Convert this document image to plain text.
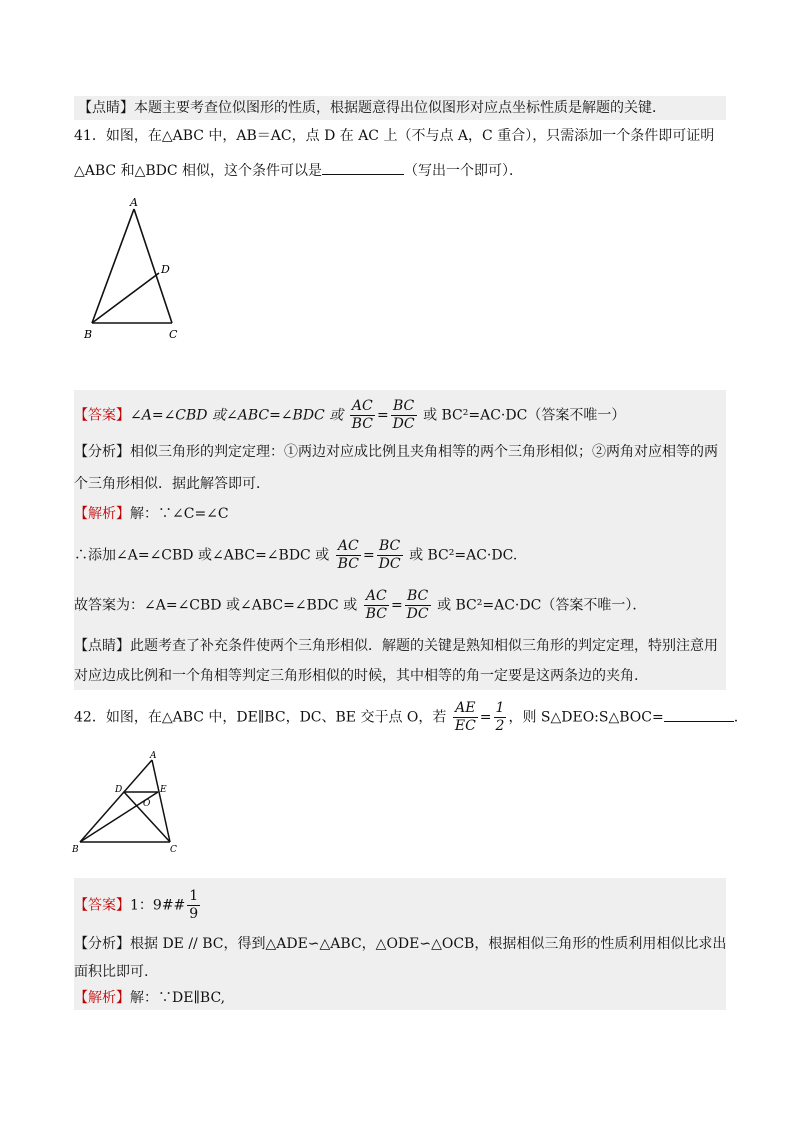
【点睛】本题主要考查位似图形的性质，根据题意得出位似图形对应点坐标性质是解题的关键．
41．如图，在△ABC 中，AB＝AC，点 D 在 AC 上（不与点 A，C 重合），只需添加一个条件即可证明
△ABC 和△BDC 相似，这个条件可以是	（写出一个即可）．
A
B	C
D
【答案】∠A=∠CBD 或∠ABC=∠BDC 或 $\frac{AC}{BC} = \frac{BC}{DC}$ 或 BC²=AC·DC（答案不唯一）
【分析】相似三角形的判定定理：①两边对应成比例且夹角相等的两个三角形相似；②两角对应相等的两
个三角形相似．据此解答即可．
【解析】解：∵∠C=∠C
∴添加∠A=∠CBD 或∠ABC=∠BDC 或 $\frac{AC}{BC} = \frac{BC}{DC}$ 或 BC²=AC·DC.
故答案为：∠A=∠CBD 或∠ABC=∠BDC 或 $\frac{AC}{BC} = \frac{BC}{DC}$ 或 BC²=AC·DC（答案不唯一）．
【点睛】此题考查了补充条件使两个三角形相似．解题的关键是熟知相似三角形的判定定理，特别注意用
对应边成比例和一个角相等判定三角形相似的时候，其中相等的角一定要是这两条边的夹角.
42．如图，在△ABC 中，DE∥BC，DC、BE 交于点 O，若 $\frac{AE}{EC} = \frac{1}{2}$ ，则 S△DEO:S△BOC=	.
A
B	C
D	E
O
【答案】1：9## $\frac{1}{9}$
【分析】根据 DE // BC，得到△ADE∽△ABC，△ODE∽△OCB，根据相似三角形的性质利用相似比求出
面积比即可.
【解析】解：∵DE∥BC,
